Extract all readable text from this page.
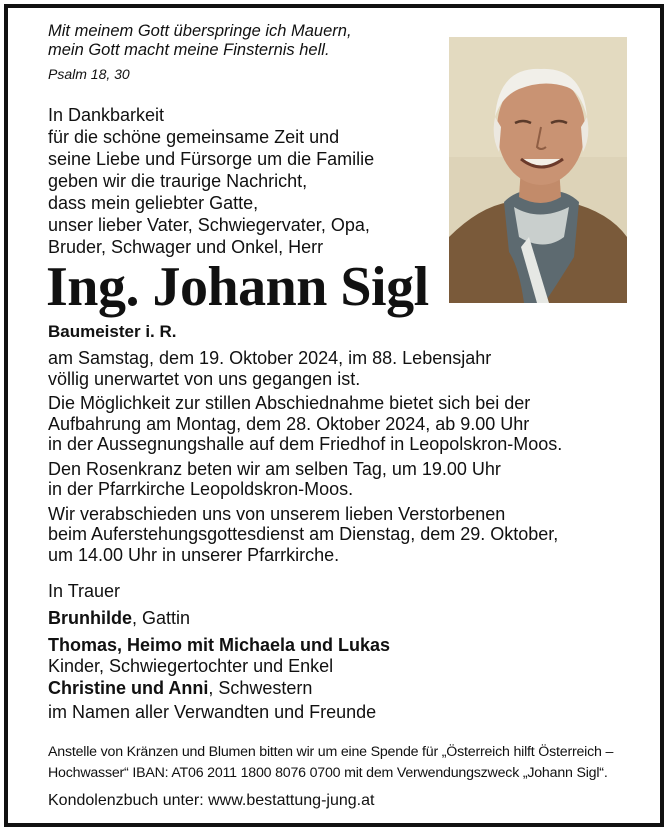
Mit meinem Gott überspringe ich Mauern,
mein Gott macht meine Finsternis hell.
Psalm 18, 30
In Dankbarkeit
für die schöne gemeinsame Zeit und
seine Liebe und Fürsorge um die Familie
geben wir die traurige Nachricht,
dass mein geliebter Gatte,
unser lieber Vater, Schwiegervater, Opa,
Bruder, Schwager und Onkel, Herr
Ing. Johann Sigl
Baumeister i. R.

am Samstag, dem 19. Oktober 2024, im 88. Lebensjahr
völlig unerwartet von uns gegangen ist.

Die Möglichkeit zur stillen Abschiednahme bietet sich bei der
Aufbahrung am Montag, dem 28. Oktober 2024, ab 9.00 Uhr
in der Aussegnungshalle auf dem Friedhof in Leopolskron-Moos.

Den Rosenkranz beten wir am selben Tag, um 19.00 Uhr
in der Pfarrkirche Leopoldskron-Moos.

Wir verabschieden uns von unserem lieben Verstorbenen
beim Auferstehungsgottesdienst am Dienstag, dem 29. Oktober,
um 14.00 Uhr in unserer Pfarrkirche.

In Trauer
Brunhilde, Gattin
Thomas, Heimo mit Michaela und Lukas
Kinder, Schwiegertochter und Enkel
Christine und Anni, Schwestern
im Namen aller Verwandten und Freunde
Anstelle von Kränzen und Blumen bitten wir um eine Spende für „Österreich hilft Österreich –
Hochwasser“ IBAN: AT06 2011 1800 8076 0700 mit dem Verwendungszweck „Johann Sigl“.
Kondolenzbuch unter: www.bestattung-jung.at
